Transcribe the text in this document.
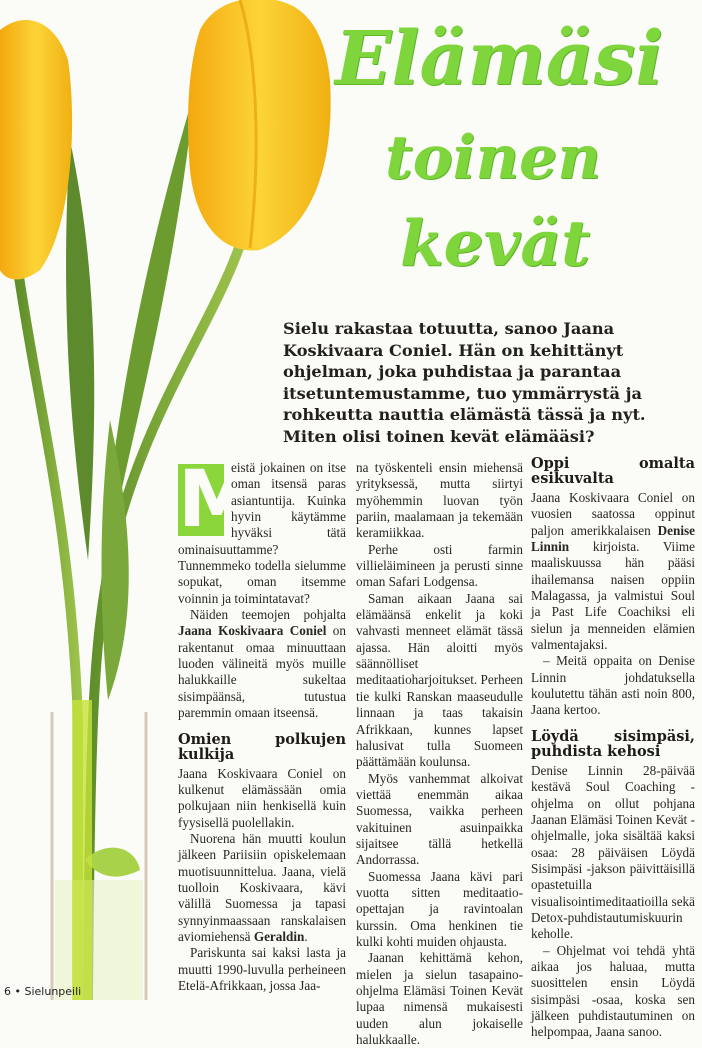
Elämäsi
toinen
kevät
Sielu rakastaa totuutta, sanoo Jaana Koskivaara Coniel. Hän on kehittänyt ohjelman, joka puhdistaa ja parantaa itsetuntemustamme, tuo ymmärrystä ja rohkeutta nauttia elämästä tässä ja nyt. Miten olisi toinen kevät elämääsi?

M
eistä jokainen on itse oman itsensä paras asiantuntija. Kuinka hyvin käytämme hyväksi tätä ominaisuuttamme? Tunnemmeko todella sielumme sopukat, oman itsemme voinnin ja toimintatavat?

Näiden teemojen pohjalta Jaana Koskivaara Coniel on rakentanut omaa minuuttaan luoden välineitä myös muille halukkaille sukeltaa sisimpäänsä, tutustua paremmin omaan itseensä.

Omien polkujen kulkija

Jaana Koskivaara Coniel on kulkenut elämässään omia polkujaan niin henkisellä kuin fyysisellä puolellakin.

Nuorena hän muutti koulun jälkeen Pariisiin opiskelemaan muotisuunnittelua. Jaana, vielä tuolloin Koskivaara, kävi välillä Suomessa ja tapasi synnyinmaassaan ranskalaisen aviomiehensä Geraldin.

Pariskunta sai kaksi lasta ja muutti 1990-luvulla perheineen Etelä-Afrikkaan, jossa Jaa-

na työskenteli ensin miehensä yrityksessä, mutta siirtyi myöhemmin luovan työn pariin, maalamaan ja tekemään keramiikkaa.

Perhe osti farmin villieläimineen ja perusti sinne oman Safari Lodgensa.

Saman aikaan Jaana sai elämäänsä enkelit ja koki vahvasti menneet elämät tässä ajassa. Hän aloitti myös säännölliset meditaatioharjoitukset. Perheen tie kulki Ranskan maaseudulle linnaan ja taas takaisin Afrikkaan, kunnes lapset halusivat tulla Suomeen päättämään koulunsa.

Myös vanhemmat alkoivat viettää enemmän aikaa Suomessa, vaikka perheen vakituinen asuinpaikka sijaitsee tällä hetkellä Andorrassa.

Suomessa Jaana kävi pari vuotta sitten meditaatio-opettajan ja ravintoalan kurssin. Oma henkinen tie kulki kohti muiden ohjausta.

Jaanan kehittämä kehon, mielen ja sielun tasapaino-ohjelma Elämäsi Toinen Kevät lupaa nimensä mukaisesti uuden alun jokaiselle halukkaalle.

Oppi omalta esikuvalta

Jaana Koskivaara Coniel on vuosien saatossa oppinut paljon amerikkalaisen Denise Linnin kirjoista. Viime maaliskuussa hän pääsi ihailemansa naisen oppiin Malagassa, ja valmistui Soul ja Past Life Coachiksi eli sielun ja menneiden elämien valmentajaksi.

– Meitä oppaita on Denise Linnin johdatuksella koulutettu tähän asti noin 800, Jaana kertoo.

Löydä sisimpäsi, puhdista kehosi

Denise Linnin 28-päivää kestävä Soul Coaching -ohjelma on ollut pohjana Jaanan Elämäsi Toinen Kevät -ohjelmalle, joka sisältää kaksi osaa: 28 päiväisen Löydä Sisimpäsi -jakson päivittäisillä opastetuilla visualisointimeditaatioilla sekä Detox-puhdistautumiskuurin keholle.

– Ohjelmat voi tehdä yhtä aikaa jos haluaa, mutta suosittelen ensin Löydä sisimpäsi -osaa, koska sen jälkeen puhdistautuminen on helpompaa, Jaana sanoo.

6 • Sielunpeili
